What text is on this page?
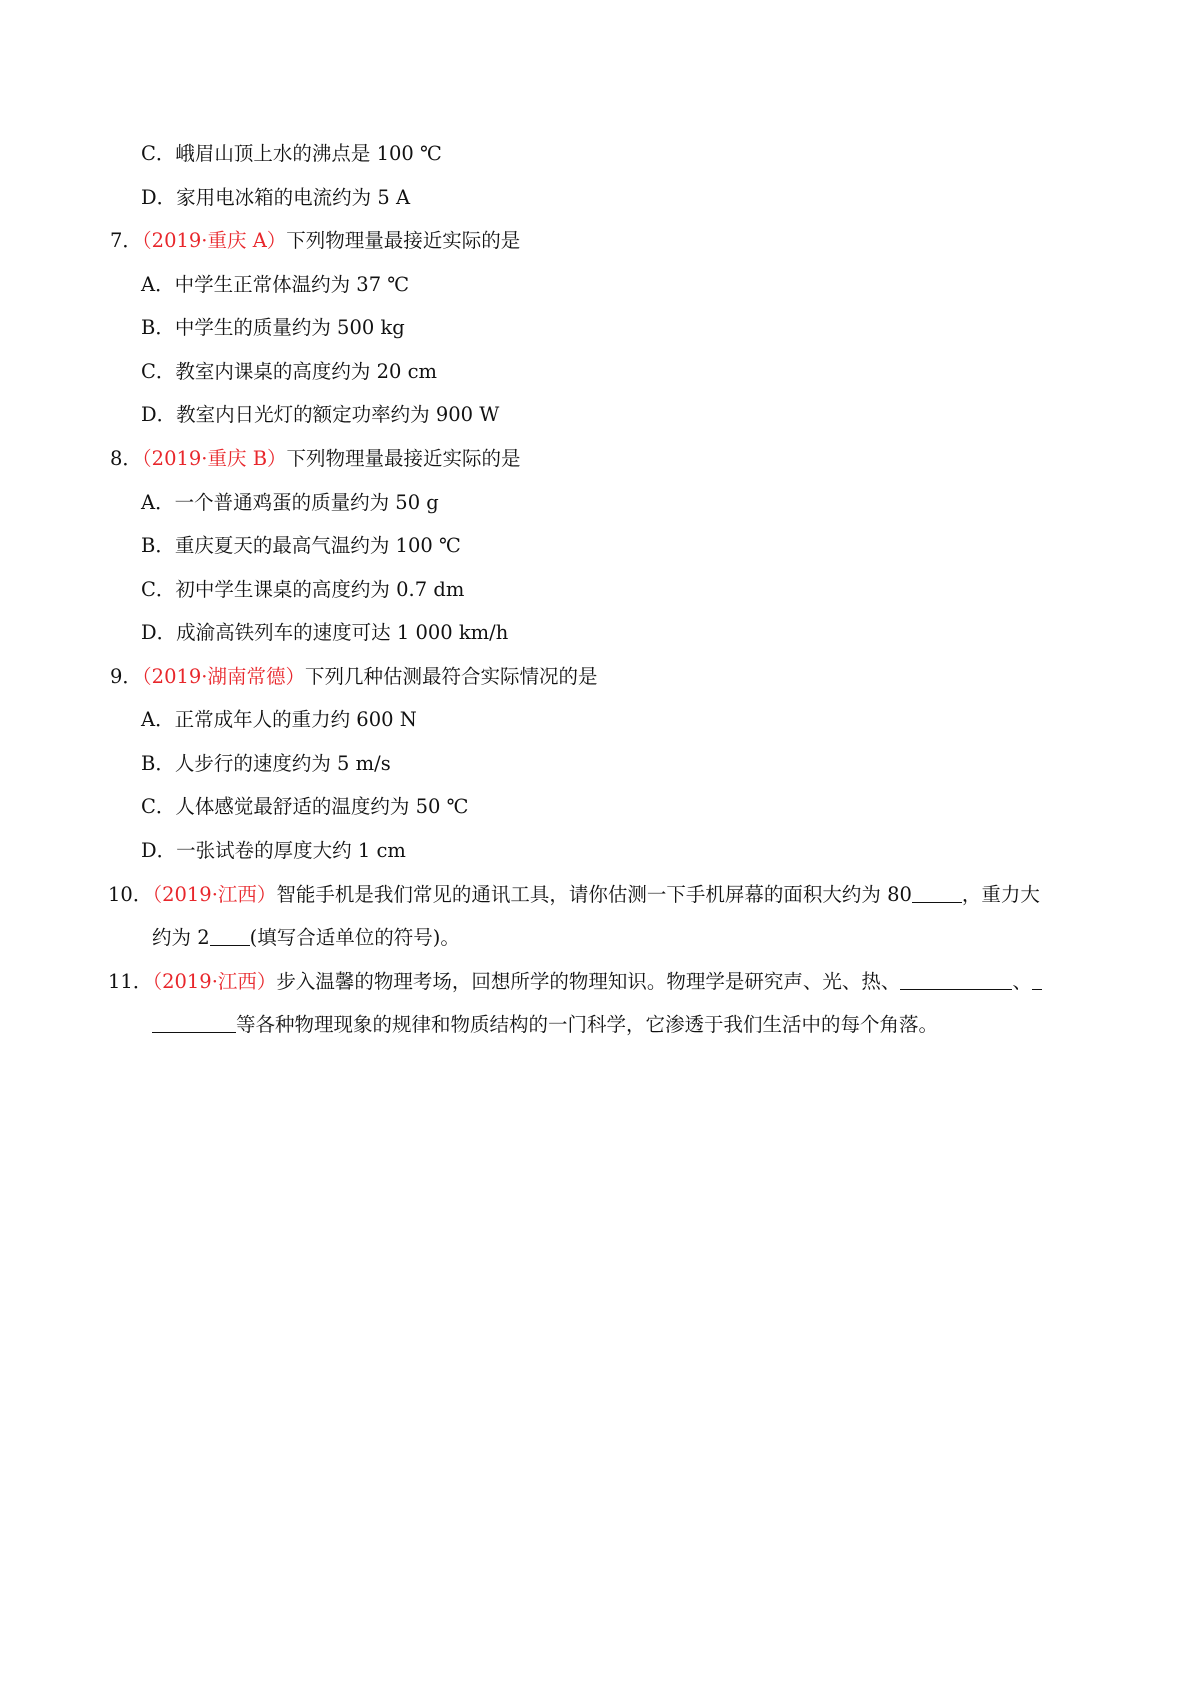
C．峨眉山顶上水的沸点是 100 ℃
D．家用电冰箱的电流约为 5 A
7．（2019·重庆 A）下列物理量最接近实际的是
A．中学生正常体温约为 37 ℃
B．中学生的质量约为 500 kg
C．教室内课桌的高度约为 20 cm
D．教室内日光灯的额定功率约为 900 W
8．（2019·重庆 B）下列物理量最接近实际的是
A．一个普通鸡蛋的质量约为 50 g
B．重庆夏天的最高气温约为 100 ℃
C．初中学生课桌的高度约为 0.7 dm
D．成渝高铁列车的速度可达 1 000 km/h
9．（2019·湖南常德）下列几种估测最符合实际情况的是
A．正常成年人的重力约 600 N
B．人步行的速度约为 5 m/s
C．人体感觉最舒适的温度约为 50 ℃
D．一张试卷的厚度大约 1 cm
10．（2019·江西）智能手机是我们常见的通讯工具，请你估测一下手机屏幕的面积大约为 80	，重力大
约为 2 (填写合适单位的符号)。
11．（2019·江西）步入温馨的物理考场，回想所学的物理知识。物理学是研究声、光、热、	、
等各种物理现象的规律和物质结构的一门科学，它渗透于我们生活中的每个角落。
